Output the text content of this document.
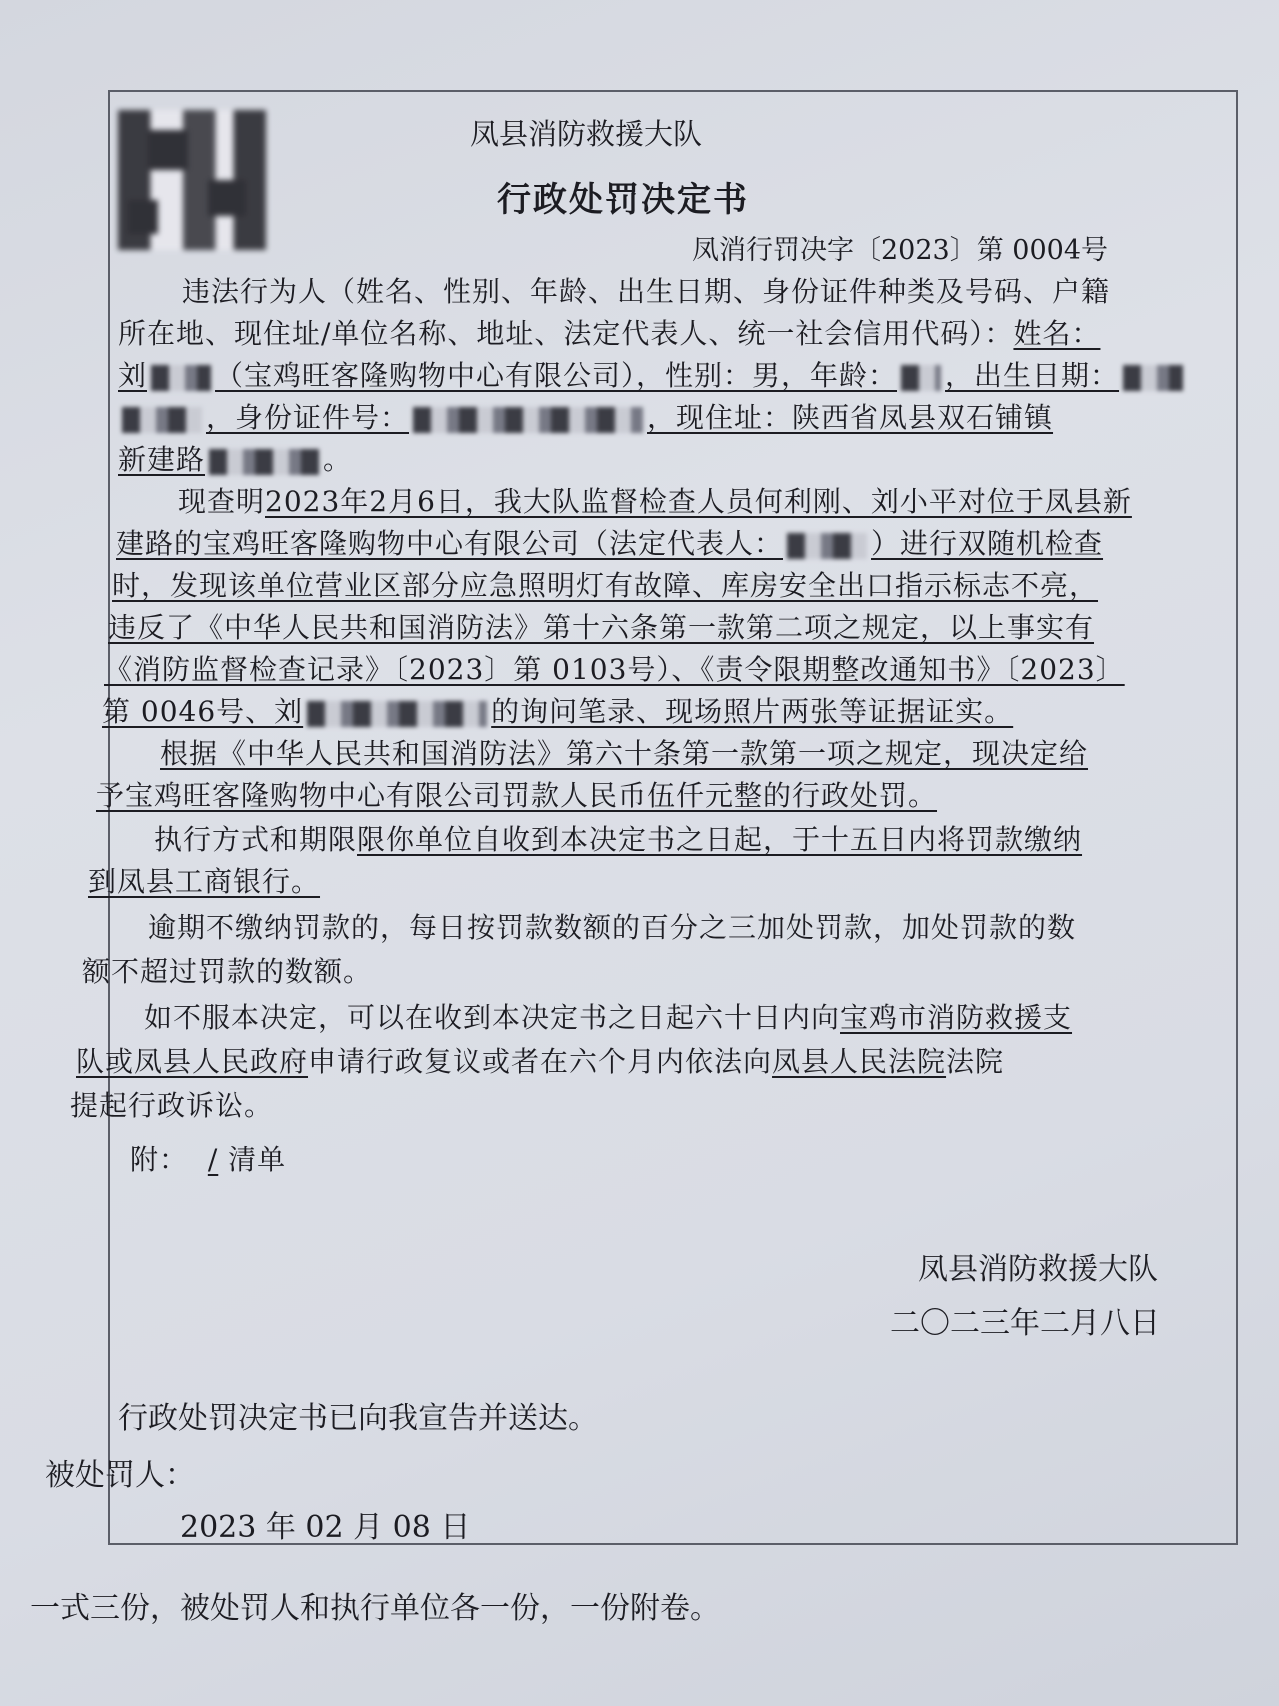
凤县消防救援大队
行政处罚决定书
凤消行罚决字〔2023〕第 0004号
违法行为人（姓名、性别、年龄、出生日期、身份证件种类及号码、户籍
所在地、现住址/单位名称、地址、法定代表人、统一社会信用代码）：姓名：
刘 （宝鸡旺客隆购物中心有限公司），性别：男，年龄： ，出生日期：
，身份证件号：	，现住址：陕西省凤县双石铺镇
新建路	。
现查明2023年2月6日，我大队监督检查人员何利刚、刘小平对位于凤县新
建路的宝鸡旺客隆购物中心有限公司（法定代表人：	）进行双随机检查
时，发现该单位营业区部分应急照明灯有故障、库房安全出口指示标志不亮，
违反了《中华人民共和国消防法》第十六条第一款第二项之规定，以上事实有
《消防监督检查记录》〔2023〕第 0103号）、《责令限期整改通知书》〔2023〕
第 0046号、刘	的询问笔录、现场照片两张等证据证实。
根据《中华人民共和国消防法》第六十条第一款第一项之规定，现决定给
予宝鸡旺客隆购物中心有限公司罚款人民币伍仟元整的行政处罚。
执行方式和期限限你单位自收到本决定书之日起，于十五日内将罚款缴纳
到凤县工商银行。
逾期不缴纳罚款的，每日按罚款数额的百分之三加处罚款，加处罚款的数
额不超过罚款的数额。
如不服本决定，可以在收到本决定书之日起六十日内向宝鸡市消防救援支
队或凤县人民政府申请行政复议或者在六个月内依法向凤县人民法院法院
提起行政诉讼。
附： / 清单
凤县消防救援大队
二〇二三年二月八日
行政处罚决定书已向我宣告并送达。
被处罚人：
2023 年 02 月 08 日
一式三份，被处罚人和执行单位各一份，一份附卷。
